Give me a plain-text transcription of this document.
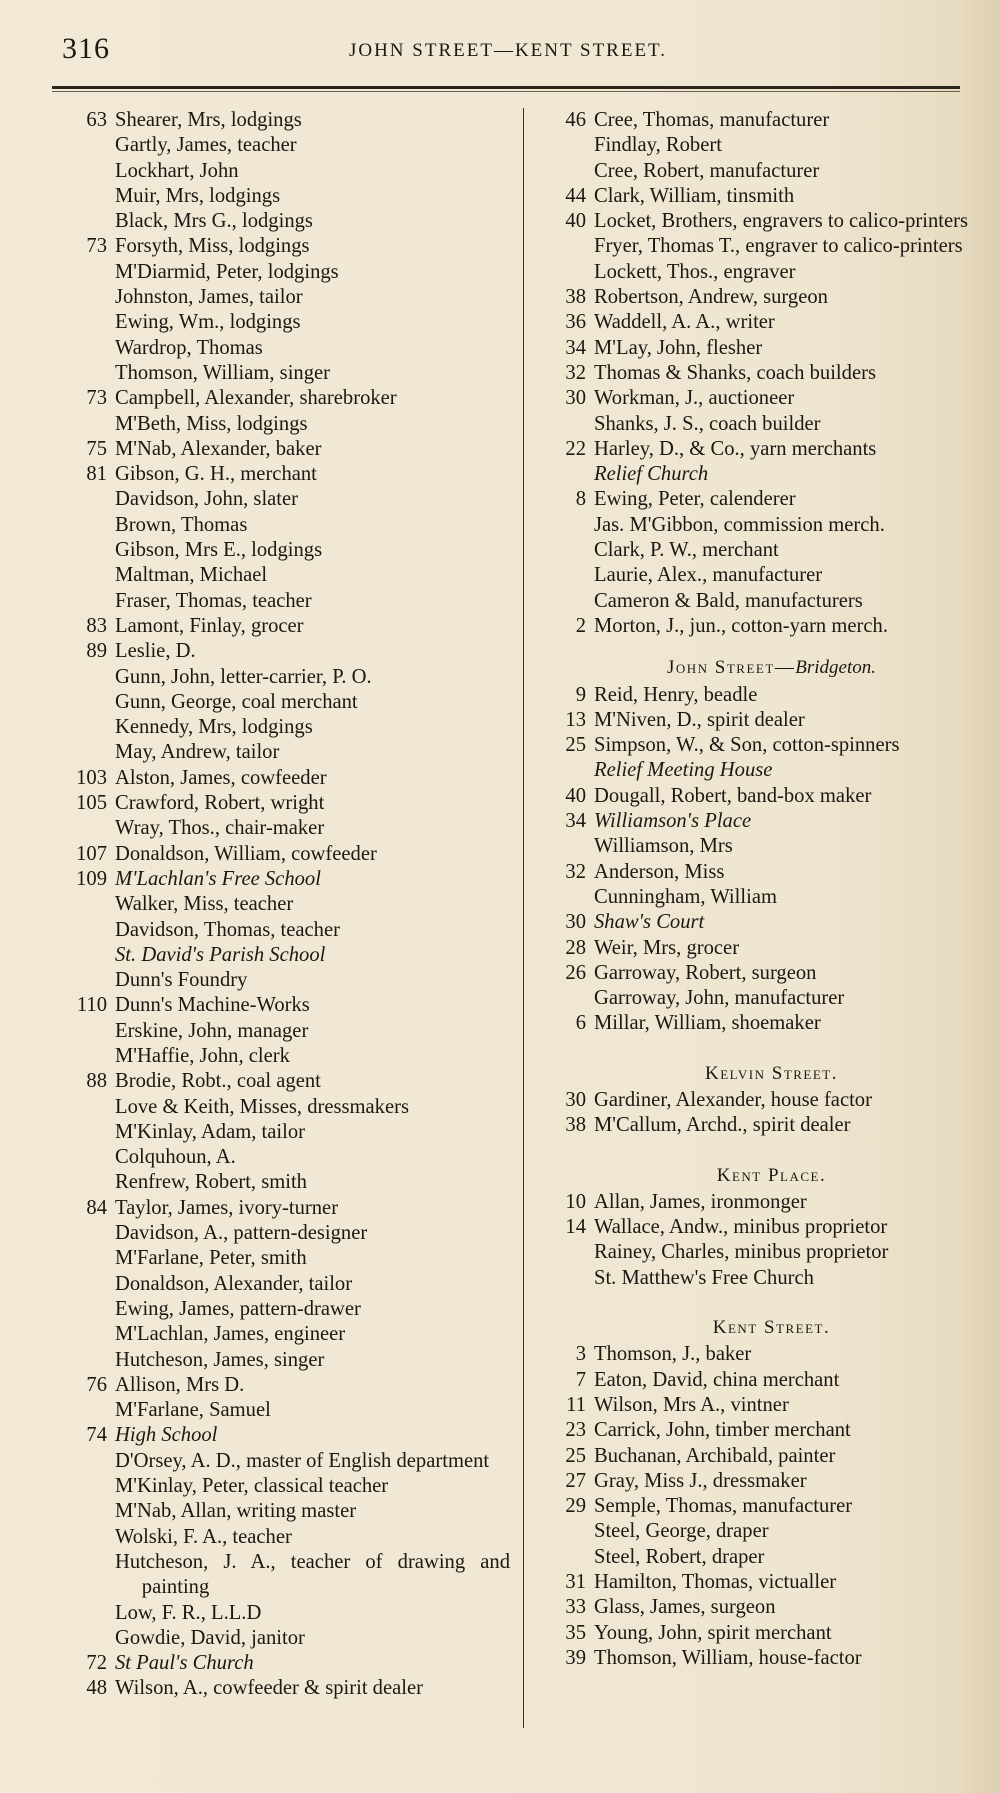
316	JOHN STREET—KENT STREET.
63 Shearer, Mrs, lodgings
Gartly, James, teacher
Lockhart, John
Muir, Mrs, lodgings
Black, Mrs G., lodgings
73 Forsyth, Miss, lodgings
M'Diarmid, Peter, lodgings
Johnston, James, tailor
Ewing, Wm., lodgings
Wardrop, Thomas
Thomson, William, singer
73 Campbell, Alexander, sharebroker
M'Beth, Miss, lodgings
75 M'Nab, Alexander, baker
81 Gibson, G. H., merchant
Davidson, John, slater
Brown, Thomas
Gibson, Mrs E., lodgings
Maltman, Michael
Fraser, Thomas, teacher
83 Lamont, Finlay, grocer
89 Leslie, D.
Gunn, John, letter-carrier, P. O.
Gunn, George, coal merchant
Kennedy, Mrs, lodgings
May, Andrew, tailor
103 Alston, James, cowfeeder
105 Crawford, Robert, wright
Wray, Thos., chair-maker
107 Donaldson, William, cowfeeder
109 M'Lachlan's Free School
Walker, Miss, teacher
Davidson, Thomas, teacher
St. David's Parish School
Dunn's Foundry
110 Dunn's Machine-Works
Erskine, John, manager
M'Haffie, John, clerk
88 Brodie, Robt., coal agent
Love & Keith, Misses, dressmakers
M'Kinlay, Adam, tailor
Colquhoun, A.
Renfrew, Robert, smith
84 Taylor, James, ivory-turner
Davidson, A., pattern-designer
M'Farlane, Peter, smith
Donaldson, Alexander, tailor
Ewing, James, pattern-drawer
M'Lachlan, James, engineer
Hutcheson, James, singer
76 Allison, Mrs D.
M'Farlane, Samuel
74 High School
D'Orsey, A. D., master of English department
M'Kinlay, Peter, classical teacher
M'Nab, Allan, writing master
Wolski, F. A., teacher
Hutcheson, J. A., teacher of drawing and painting
Low, F. R., L.L.D
Gowdie, David, janitor
72 St Paul's Church
48 Wilson, A., cowfeeder & spirit dealer
46 Cree, Thomas, manufacturer
Findlay, Robert
Cree, Robert, manufacturer
44 Clark, William, tinsmith
40 Locket, Brothers, engravers to calico-printers
Fryer, Thomas T., engraver to calico-printers
Lockett, Thos., engraver
38 Robertson, Andrew, surgeon
36 Waddell, A. A., writer
34 M'Lay, John, flesher
32 Thomas & Shanks, coach builders
30 Workman, J., auctioneer
Shanks, J. S., coach builder
22 Harley, D., & Co., yarn merchants
Relief Church
8 Ewing, Peter, calenderer
Jas. M'Gibbon, commission merch.
Clark, P. W., merchant
Laurie, Alex., manufacturer
Cameron & Bald, manufacturers
2 Morton, J., jun., cotton-yarn merch.
John Street—Bridgeton.
9 Reid, Henry, beadle
13 M'Niven, D., spirit dealer
25 Simpson, W., & Son, cotton-spinners
Relief Meeting House
40 Dougall, Robert, band-box maker
34 Williamson's Place
Williamson, Mrs
32 Anderson, Miss
Cunningham, William
30 Shaw's Court
28 Weir, Mrs, grocer
26 Garroway, Robert, surgeon
Garroway, John, manufacturer
6 Millar, William, shoemaker
Kelvin Street.
30 Gardiner, Alexander, house factor
38 M'Callum, Archd., spirit dealer
Kent Place.
10 Allan, James, ironmonger
14 Wallace, Andw., minibus proprietor
Rainey, Charles, minibus proprietor
St. Matthew's Free Church
Kent Street.
3 Thomson, J., baker
7 Eaton, David, china merchant
11 Wilson, Mrs A., vintner
23 Carrick, John, timber merchant
25 Buchanan, Archibald, painter
27 Gray, Miss J., dressmaker
29 Semple, Thomas, manufacturer
Steel, George, draper
Steel, Robert, draper
31 Hamilton, Thomas, victualler
33 Glass, James, surgeon
35 Young, John, spirit merchant
39 Thomson, William, house-factor
